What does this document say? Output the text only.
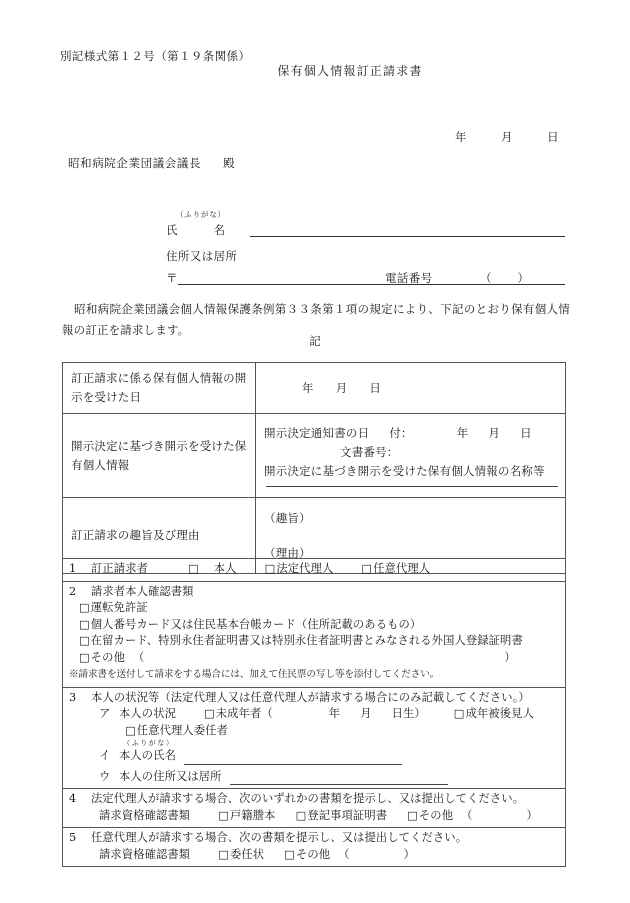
別記様式第１２号（第１９条関係）
保有個人情報訂正請求書
年	月	日
昭和病院企業団議会議長 殿
（ふりがな）
氏	名
住所又は居所
〒	電話番号	（ ）
昭和病院企業団議会個人情報保護条例第３３条第１項の規定により、下記のとおり保有個人情報の訂正を請求します。
記
訂正請求に係る保有個人情報の開示を受けた日	年 月 日

開示決定に基づき開示を受けた保有個人情報	開示決定通知書の日 付： 年 月 日
文書番号：
開示決定に基づき開示を受けた保有個人情報の名称等

訂正請求の趣旨及び理由	（趣旨）
（理由）
1 訂正請求者	□ 本人 □法定代理人 □任意代理人

2 請求者本人確認書類
□運転免許証
□個人番号カード又は住民基本台帳カード（住所記載のあるもの）
□在留カード、特別永住者証明書又は特別永住者証明書とみなされる外国人登録証明書
□その他 （	）
※請求書を送付して請求をする場合には、加えて住民票の写し等を添付してください。

3 本人の状況等（法定代理人又は任意代理人が請求する場合にのみ記載してください。）
ア 本人の状況 □未成年者（	年 月 日生） □成年被後見人
□任意代理人委任者
（ふりがな）
イ 本人の氏名
ウ 本人の住所又は居所

4 法定代理人が請求する場合、次のいずれかの書類を提示し、又は提出してください。
請求資格確認書類 □戸籍謄本 □登記事項証明書 □その他 （	）

5 任意代理人が請求する場合、次の書類を提示し、又は提出してください。
請求資格確認書類 □委任状 □その他 （	）
